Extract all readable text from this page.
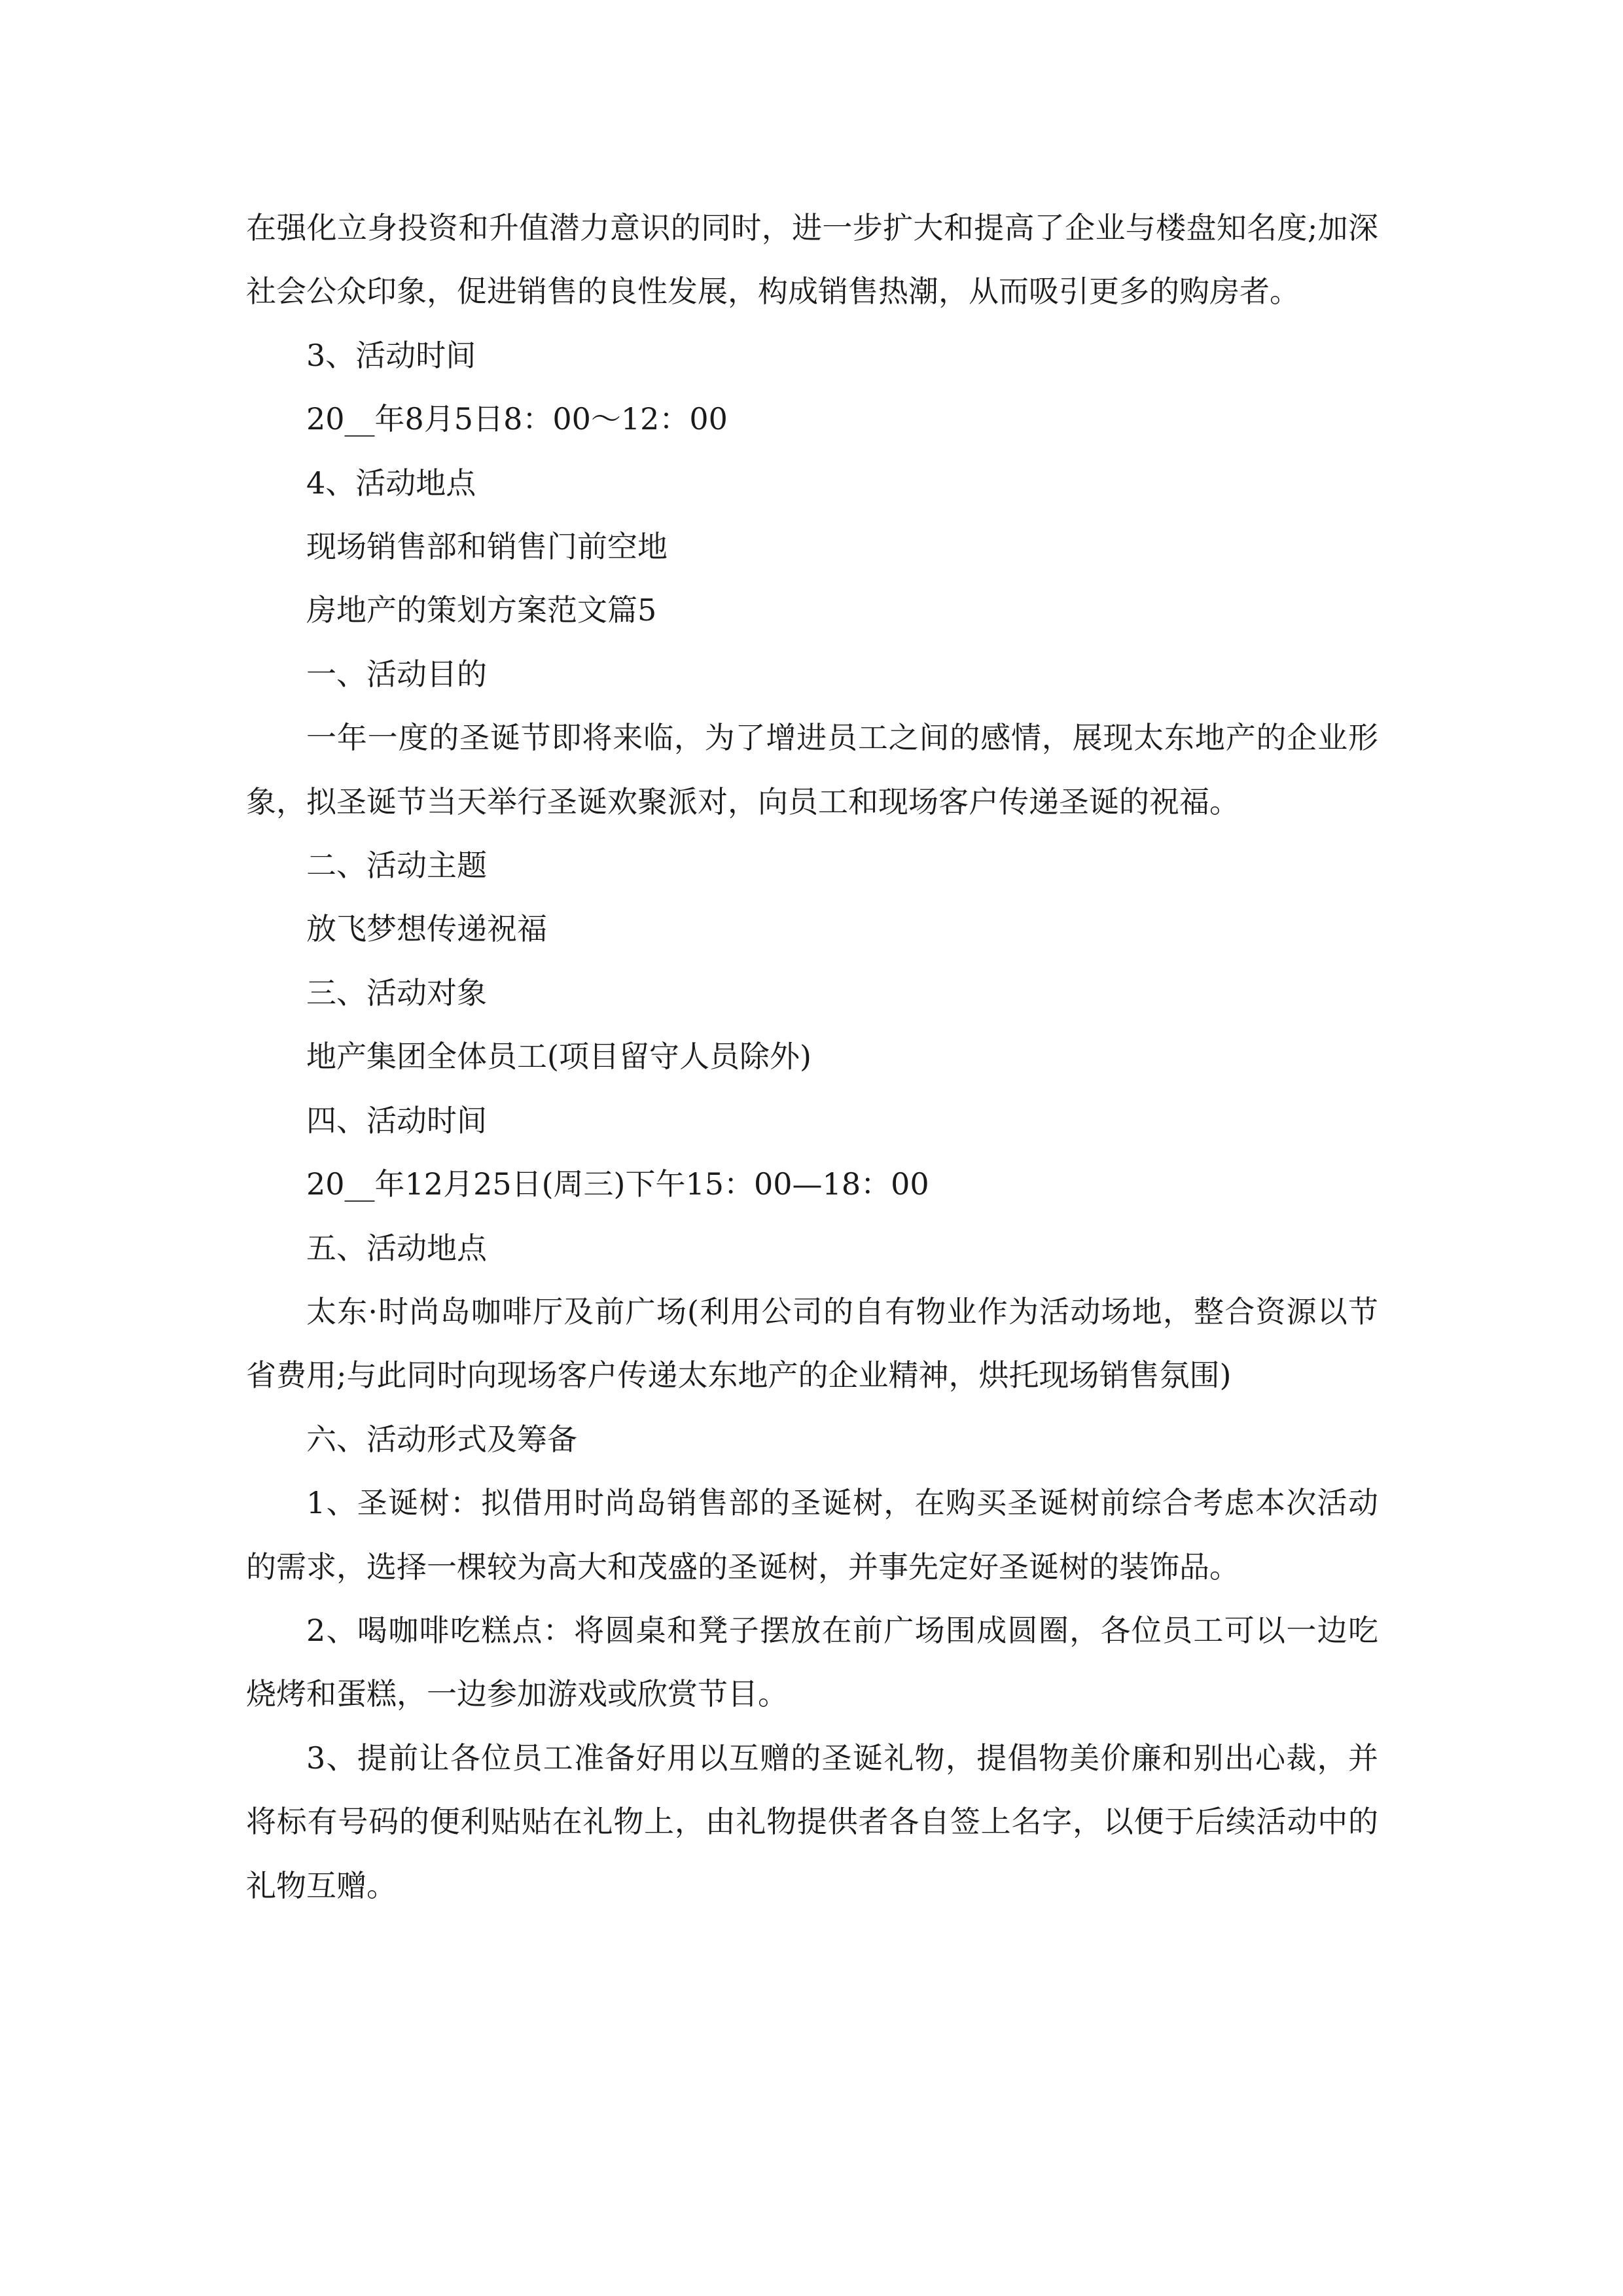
在强化立身投资和升值潜力意识的同时，进一步扩大和提高了企业与楼盘知名度;加深社会公众印象，促进销售的良性发展，构成销售热潮，从而吸引更多的购房者。

3、活动时间

20__年8月5日8：00～12：00

4、活动地点

现场销售部和销售门前空地

房地产的策划方案范文篇5

一、活动目的

一年一度的圣诞节即将来临，为了增进员工之间的感情，展现太东地产的企业形象，拟圣诞节当天举行圣诞欢聚派对，向员工和现场客户传递圣诞的祝福。

二、活动主题

放飞梦想传递祝福

三、活动对象

地产集团全体员工(项目留守人员除外)

四、活动时间

20__年12月25日(周三)下午15：00—18：00

五、活动地点

太东·时尚岛咖啡厅及前广场(利用公司的自有物业作为活动场地，整合资源以节省费用;与此同时向现场客户传递太东地产的企业精神，烘托现场销售氛围)

六、活动形式及筹备

1、圣诞树：拟借用时尚岛销售部的圣诞树，在购买圣诞树前综合考虑本次活动的需求，选择一棵较为高大和茂盛的圣诞树，并事先定好圣诞树的装饰品。

2、喝咖啡吃糕点：将圆桌和凳子摆放在前广场围成圆圈，各位员工可以一边吃烧烤和蛋糕，一边参加游戏或欣赏节目。

3、提前让各位员工准备好用以互赠的圣诞礼物，提倡物美价廉和别出心裁，并将标有号码的便利贴贴在礼物上，由礼物提供者各自签上名字，以便于后续活动中的礼物互赠。
